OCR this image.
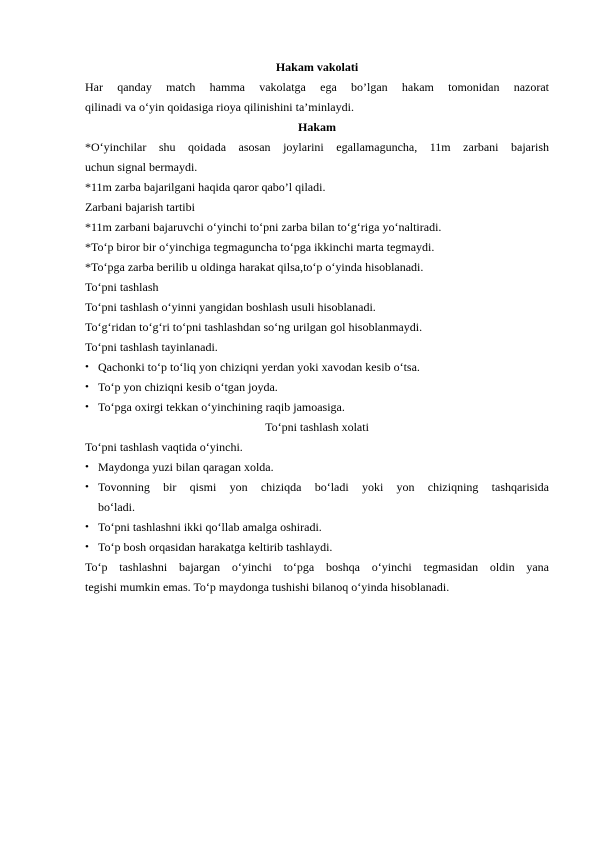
Hakam vakolati
Har qanday match hamma vakolatga ega bo’lgan hakam tomonidan nazorat
qilinadi va o‘yin qoidasiga rioya qilinishini ta’minlaydi.
Hakam
*O‘yinchilar shu qoidada asosan joylarini egallamaguncha, 11m zarbani bajarish
uchun signal bermaydi.
*11m zarba bajarilgani haqida qaror qabo’l qiladi.
Zarbani bajarish tartibi
*11m zarbani bajaruvchi o‘yinchi to‘pni zarba bilan to‘g‘riga yo‘naltiradi.
*To‘p biror bir o‘yinchiga tegmaguncha to‘pga ikkinchi marta tegmaydi.
*To‘pga zarba berilib u oldinga harakat qilsa,to‘p o‘yinda hisoblanadi.
To‘pni tashlash
To‘pni tashlash o‘yinni yangidan boshlash usuli hisoblanadi.
To‘g‘ridan to‘g‘ri to‘pni tashlashdan so‘ng urilgan gol hisoblanmaydi.
To‘pni tashlash tayinlanadi.
• Qachonki to‘p to‘liq yon chiziqni yerdan yoki xavodan kesib o‘tsa.
• To‘p yon chiziqni kesib o‘tgan joyda.
• To‘pga oxirgi tekkan o‘yinchining raqib jamoasiga.
To‘pni tashlash xolati
To‘pni tashlash vaqtida o‘yinchi.
• Maydonga yuzi bilan qaragan xolda.
• Tovonning bir qismi yon chiziqda bo‘ladi yoki yon chiziqning tashqarisida
bo‘ladi.
• To‘pni tashlashni ikki qo‘llab amalga oshiradi.
• To‘p bosh orqasidan harakatga keltirib tashlaydi.
To‘p tashlashni bajargan o‘yinchi to‘pga boshqa o‘yinchi tegmasidan oldin yana
tegishi mumkin emas. To‘p maydonga tushishi bilanoq o‘yinda hisoblanadi.
